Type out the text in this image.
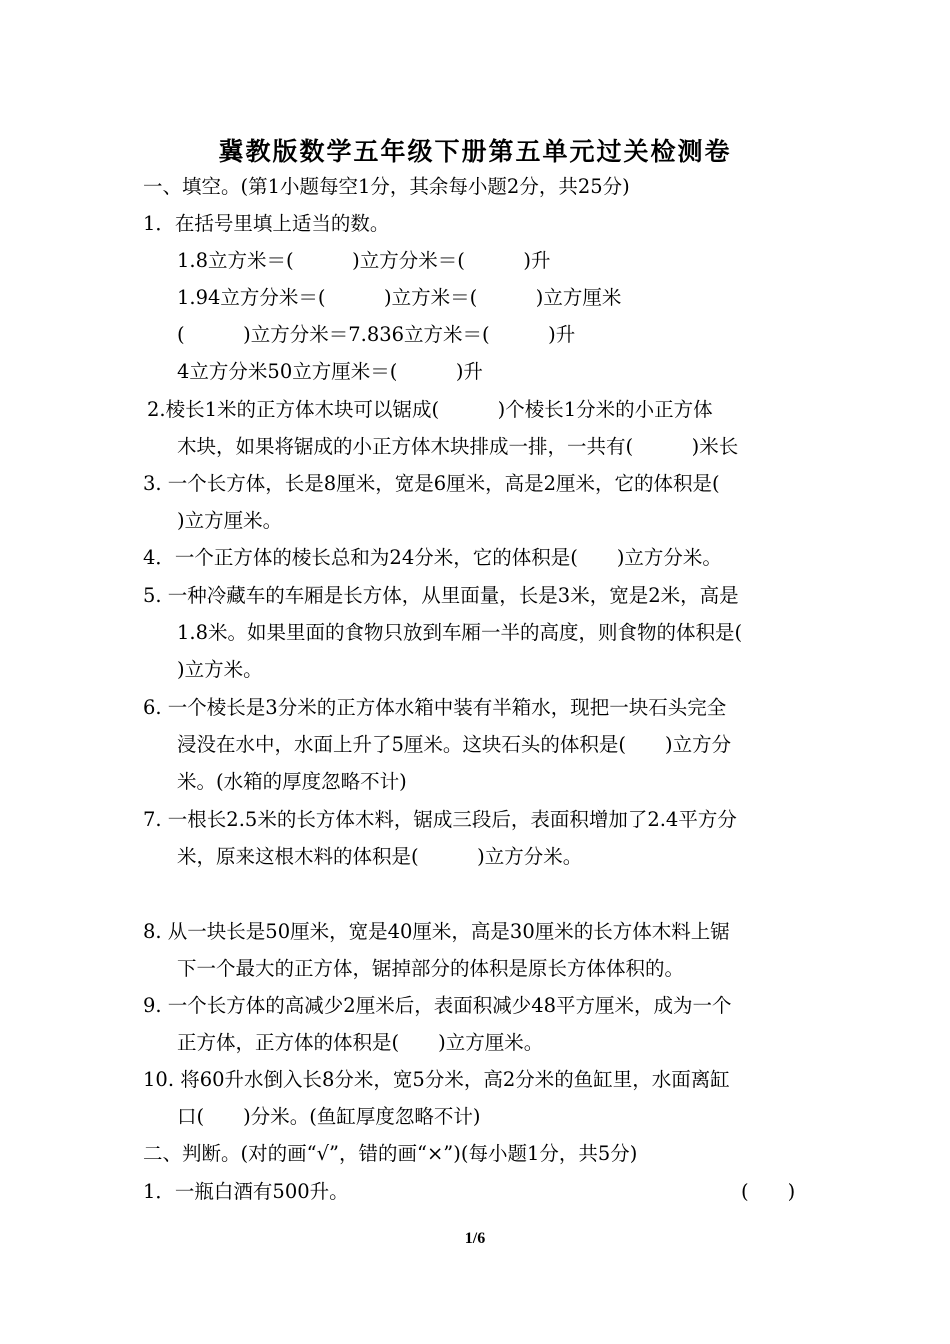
冀教版数学五年级下册第五单元过关检测卷
一、填空。(第1小题每空1分，其余每小题2分，共25分)
1．在括号里填上适当的数。
1.8立方米＝(　　　)立方分米＝(　　　)升
1.94立方分米＝(　　　)立方米＝(　　　)立方厘米
(　　　)立方分米＝7.836立方米＝(　　　)升
4立方分米50立方厘米＝(　　　)升
2.棱长1米的正方体木块可以锯成(　　　)个棱长1分米的小正方体
木块，如果将锯成的小正方体木块排成一排，一共有(　　　)米长
3. 一个长方体，长是8厘米，宽是6厘米，高是2厘米，它的体积是(
)立方厘米。
4．一个正方体的棱长总和为24分米，它的体积是(　　)立方分米。
5. 一种冷藏车的车厢是长方体，从里面量，长是3米，宽是2米，高是
1.8米。如果里面的食物只放到车厢一半的高度，则食物的体积是(
)立方米。
6. 一个棱长是3分米的正方体水箱中装有半箱水，现把一块石头完全
浸没在水中，水面上升了5厘米。这块石头的体积是(　　)立方分
米。(水箱的厚度忽略不计)
7. 一根长2.5米的长方体木料，锯成三段后，表面积增加了2.4平方分
米，原来这根木料的体积是(　　　)立方分米。
8. 从一块长是50厘米，宽是40厘米，高是30厘米的长方体木料上锯
下一个最大的正方体，锯掉部分的体积是原长方体体积的。
9. 一个长方体的高减少2厘米后，表面积减少48平方厘米，成为一个
正方体，正方体的体积是(　　)立方厘米。
10. 将60升水倒入长8分米，宽5分米，高2分米的鱼缸里，水面离缸
口(　　)分米。(鱼缸厚度忽略不计)
二、判断。(对的画“√”，错的画“×”)(每小题1分，共5分)
1．一瓶白酒有500升。	(　　)
1/6
